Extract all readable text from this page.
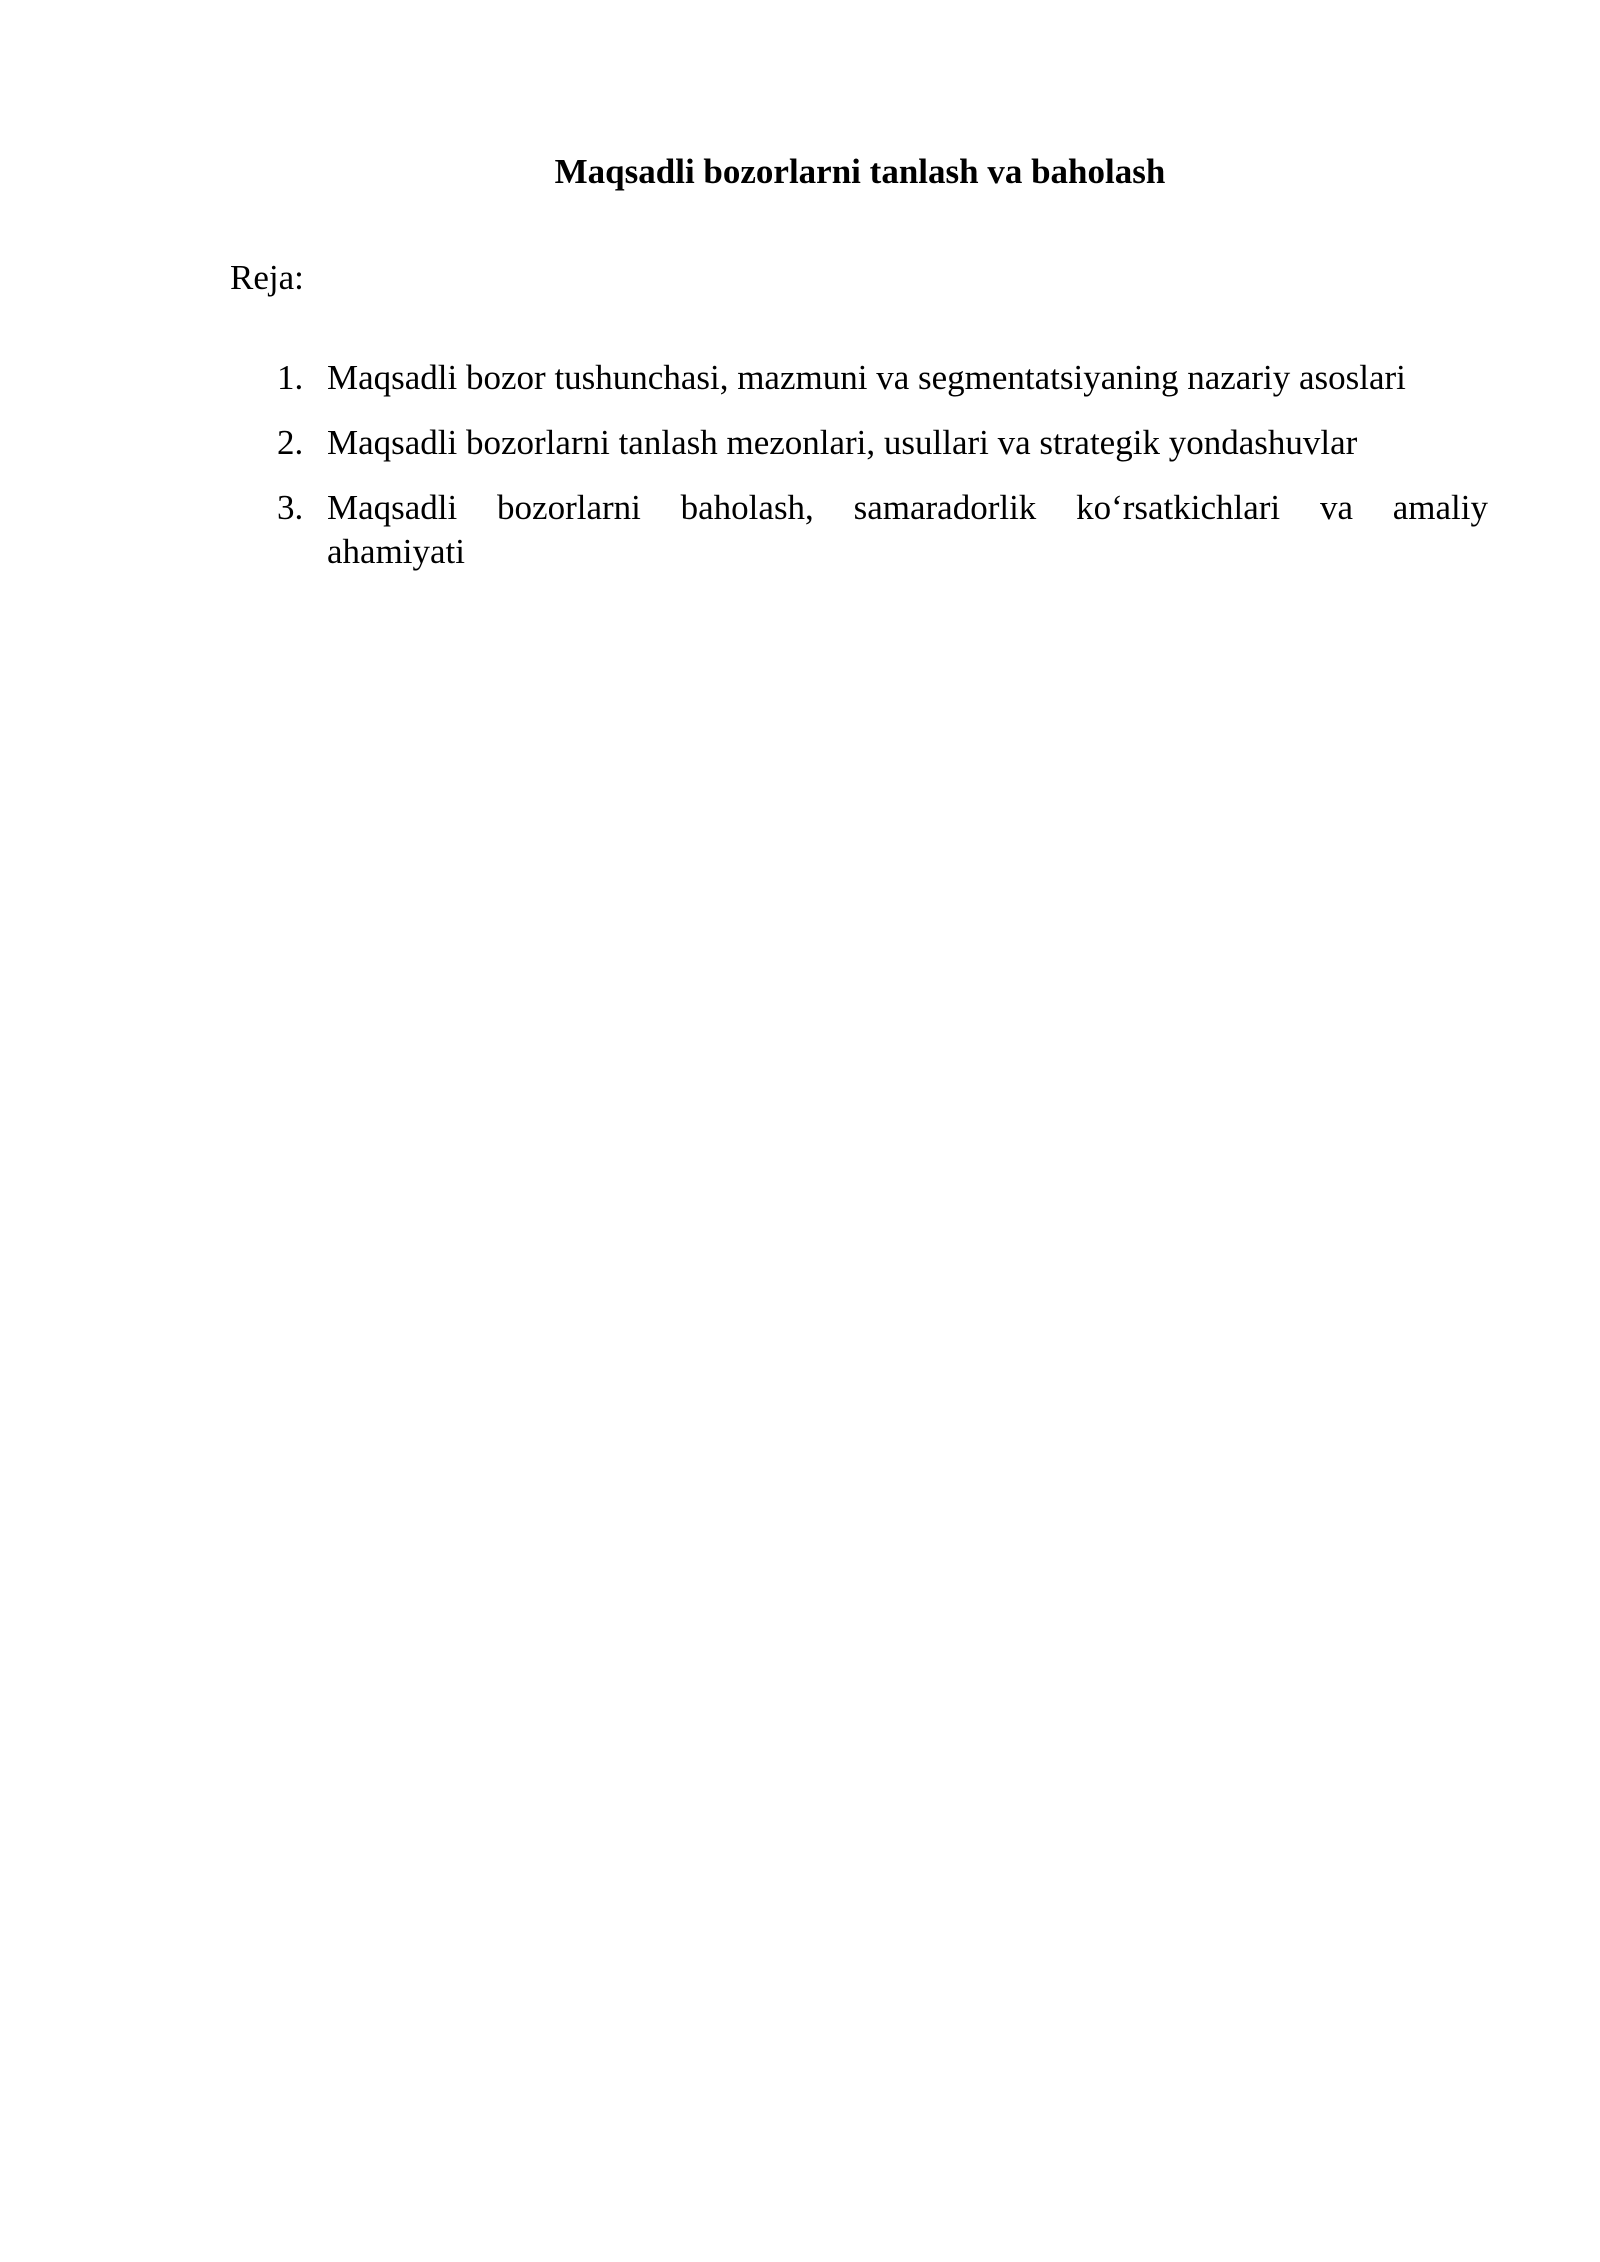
Maqsadli bozorlarni tanlash va baholash
Reja:
1. Maqsadli bozor tushunchasi, mazmuni va segmentatsiyaning nazariy asoslari
2. Maqsadli bozorlarni tanlash mezonlari, usullari va strategik yondashuvlar
3. Maqsadli bozorlarni baholash, samaradorlik ko‘rsatkichlari va amaliy
ahamiyati
